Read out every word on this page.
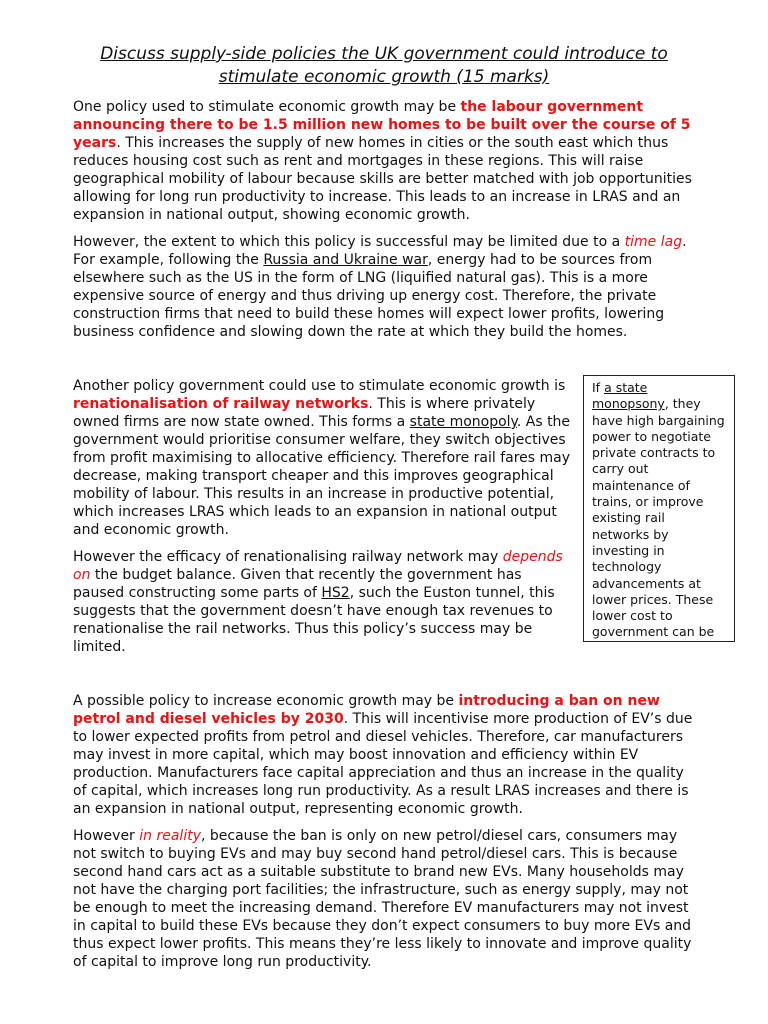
Discuss supply-side policies the UK government could introduce to
stimulate economic growth (15 marks)

One policy used to stimulate economic growth may be the labour government announcing there to be 1.5 million new homes to be built over the course of 5 years. This increases the supply of new homes in cities or the south east which thus reduces housing cost such as rent and mortgages in these regions. This will raise geographical mobility of labour because skills are better matched with job opportunities allowing for long run productivity to increase. This leads to an increase in LRAS and an expansion in national output, showing economic growth.

However, the extent to which this policy is successful may be limited due to a time lag. For example, following the Russia and Ukraine war, energy had to be sources from elsewhere such as the US in the form of LNG (liquified natural gas). This is a more expensive source of energy and thus driving up energy cost. Therefore, the private construction firms that need to build these homes will expect lower profits, lowering business confidence and slowing down the rate at which they build the homes.

Another policy government could use to stimulate economic growth is renationalisation of railway networks. This is where privately owned firms are now state owned. This forms a state monopoly. As the government would prioritise consumer welfare, they switch objectives from profit maximising to allocative efficiency. Therefore rail fares may decrease, making transport cheaper and this improves geographical mobility of labour. This results in an increase in productive potential, which increases LRAS which leads to an expansion in national output and economic growth.

However the efficacy of renationalising railway network may depends on the budget balance. Given that recently the government has paused constructing some parts of HS2, such the Euston tunnel, this suggests that the government doesn’t have enough tax revenues to renationalise the rail networks. Thus this policy’s success may be limited.

If a state monopsony, they have high bargaining power to negotiate private contracts to carry out maintenance of trains, or improve existing rail networks by investing in technology advancements at lower prices. These lower cost to government can be

A possible policy to increase economic growth may be introducing a ban on new petrol and diesel vehicles by 2030. This will incentivise more production of EV’s due to lower expected profits from petrol and diesel vehicles. Therefore, car manufacturers may invest in more capital, which may boost innovation and efficiency within EV production. Manufacturers face capital appreciation and thus an increase in the quality of capital, which increases long run productivity. As a result LRAS increases and there is an expansion in national output, representing economic growth.

However in reality, because the ban is only on new petrol/diesel cars, consumers may not switch to buying EVs and may buy second hand petrol/diesel cars. This is because second hand cars act as a suitable substitute to brand new EVs. Many households may not have the charging port facilities; the infrastructure, such as energy supply, may not be enough to meet the increasing demand. Therefore EV manufacturers may not invest in capital to build these EVs because they don’t expect consumers to buy more EVs and thus expect lower profits. This means they’re less likely to innovate and improve quality of capital to improve long run productivity.
